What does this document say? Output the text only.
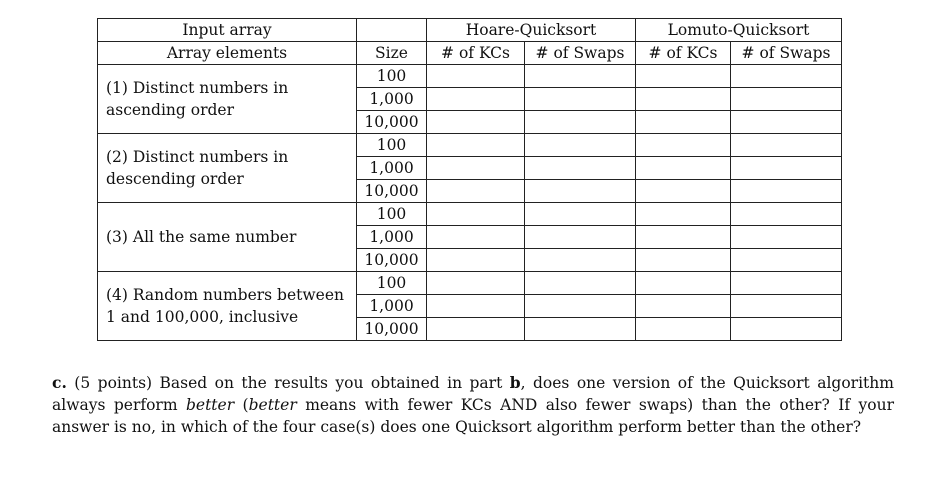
Input array		Hoare-Quicksort		Lomuto-Quicksort	
Array elements	Size	# of KCs	# of Swaps	# of KCs	# of Swaps
(1) Distinct numbers in ascending order	100				
	1,000				
	10,000				
(2) Distinct numbers in descending order	100				
	1,000				
	10,000				
(3) All the same number	100				
	1,000				
	10,000				
(4) Random numbers between 1 and 100,000, inclusive	100				
	1,000				
	10,000				
c. (5 points) Based on the results you obtained in part b, does one version of the Quicksort algorithm always perform better (better means with fewer KCs AND also fewer swaps) than the other? If your answer is no, in which of the four case(s) does one Quicksort algorithm perform better than the other?
